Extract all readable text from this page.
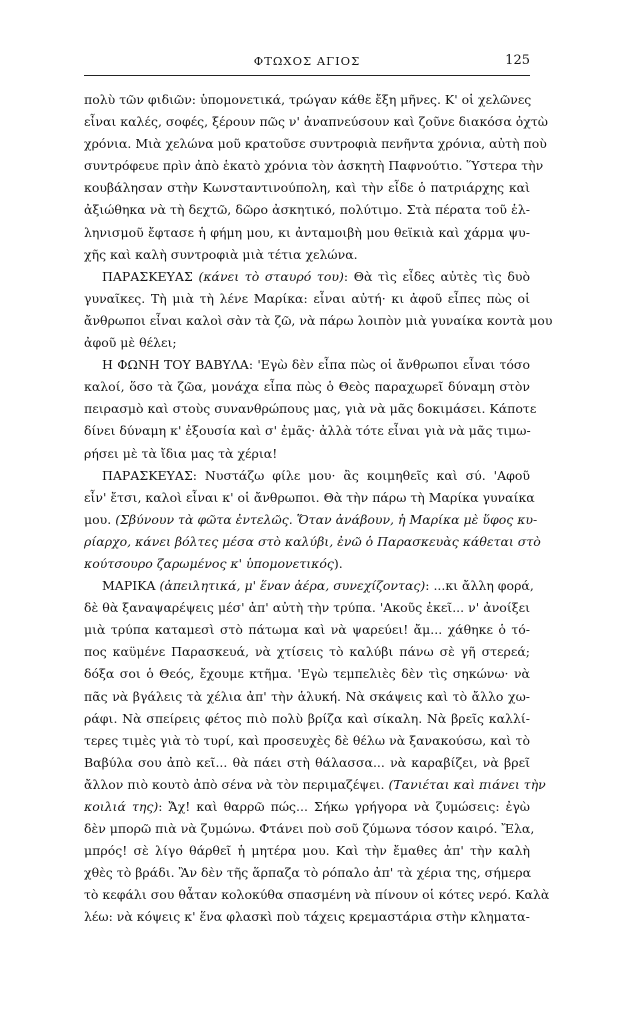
ΦΤΩΧΟΣ ΑΓΙΟΣ	125
πολὺ τῶν φιδιῶν: ὑπομονετικά, τρώγαν κάθε ἔξη μῆνες. Κ' οἱ χελῶνες
εἶναι καλές, σοφές, ξέρουν πῶς ν' ἀναπνεύσουν καὶ ζοῦνε διακόσα ὀχτὼ
χρόνια. Μιὰ χελώνα μοῦ κρατοῦσε συντροφιὰ πενῆντα χρόνια, αὐτὴ ποὺ
συντρόφευε πρὶν ἀπὸ ἑκατὸ χρόνια τὸν ἀσκητὴ Παφνούτιο. Ὕστερα τὴν
κουβάλησαν στὴν Κωνσταντινούπολη, καὶ τὴν εἶδε ὁ πατριάρχης καὶ
ἀξιώθηκα νὰ τὴ δεχτῶ, δῶρο ἀσκητικό, πολύτιμο. Στὰ πέρατα τοῦ ἑλ-
ληνισμοῦ ἔφτασε ἡ φήμη μου, κι ἀνταμοιβὴ μου θεϊκιὰ καὶ χάρμα ψυ-
χῆς καὶ καλὴ συντροφιὰ μιὰ τέτια χελώνα.
ΠΑΡΑΣΚΕΥΑΣ (κάνει τὸ σταυρό του): Θὰ τὶς εἶδες αὐτὲς τὶς δυὸ
γυναῖκες. Τὴ μιὰ τὴ λένε Μαρίκα: εἶναι αὐτή· κι ἀφοῦ εἶπες πὼς οἱ
ἄνθρωποι εἶναι καλοὶ σὰν τὰ ζῶ, νὰ πάρω λοιπὸν μιὰ γυναίκα κοντὰ μου
ἀφοῦ μὲ θέλει;
Η ΦΩΝΗ ΤΟΥ ΒΑΒΥΛΑ: 'Εγὼ δὲν εἶπα πὼς οἱ ἄνθρωποι εἶναι τόσο
καλοί, ὅσο τὰ ζῶα, μονάχα εἶπα πὼς ὁ Θεὸς παραχωρεῖ δύναμη στὸν
πειρασμὸ καὶ στοὺς συνανθρώπους μας, γιὰ νὰ μᾶς δοκιμάσει. Κάποτε
δίνει δύναμη κ' ἐξουσία καὶ σ' ἐμᾶς· ἀλλὰ τότε εἶναι γιὰ νὰ μᾶς τιμω-
ρήσει μὲ τὰ ἴδια μας τὰ χέρια!
ΠΑΡΑΣΚΕΥΑΣ: Νυστάζω φίλε μου· ἂς κοιμηθεῖς καὶ σύ. 'Αφοῦ
εἶν' ἔτσι, καλοὶ εἶναι κ' οἱ ἄνθρωποι. Θὰ τὴν πάρω τὴ Μαρίκα γυναίκα
μου. (Σβύνουν τὰ φῶτα ἐντελῶς. Ὅταν ἀνάβουν, ἡ Μαρίκα μὲ ὕφος κυ-
ρίαρχο, κάνει βόλτες μέσα στὸ καλύβι, ἐνῶ ὁ Παρασκευὰς κάθεται στὸ
κούτσουρο ζαρωμένος κ' ὑπομονετικός).
ΜΑΡΙΚΑ (ἀπειλητικά, μ' ἕναν ἀέρα, συνεχίζοντας): ...κι ἄλλη φορά,
δὲ θὰ ξαναψαρέψεις μέσ' ἀπ' αὐτὴ τὴν τρύπα. 'Ακοῦς ἐκεῖ... ν' ἀνοίξει
μιὰ τρύπα καταμεσὶ στὸ πάτωμα καὶ νὰ ψαρεύει! ἄμ... χάθηκε ὁ τό-
πος καϋμένε Παρασκευά, νὰ χτίσεις τὸ καλύβι πάνω σὲ γῆ στερεά;
δόξα σοι ὁ Θεός, ἔχουμε κτῆμα. 'Εγὼ τεμπελιὲς δὲν τὶς σηκώνω· νὰ
πᾶς νὰ βγάλεις τὰ χέλια ἀπ' τὴν ἁλυκή. Νὰ σκάψεις καὶ τὸ ἄλλο χω-
ράφι. Νὰ σπείρεις φέτος πιὸ πολὺ βρίζα καὶ σίκαλη. Νὰ βρεῖς καλλί-
τερες τιμὲς γιὰ τὸ τυρί, καὶ προσευχὲς δὲ θέλω νὰ ξανακούσω, καὶ τὸ
Βαβύλα σου ἀπὸ κεῖ... θὰ πάει στὴ θάλασσα... νὰ καραβίζει, νὰ βρεῖ
ἄλλον πιὸ κουτὸ ἀπὸ σένα νὰ τὸν περιμαζέψει. (Τανιέται καὶ πιάνει τὴν
κοιλιά της): Ἄχ! καὶ θαρρῶ πώς... Σήκω γρήγορα νὰ ζυμώσεις: ἐγὼ
δὲν μπορῶ πιὰ νὰ ζυμώνω. Φτάνει ποὺ σοῦ ζύμωνα τόσον καιρό. Ἔλα,
μπρός! σὲ λίγο θάρθεῖ ἡ μητέρα μου. Καὶ τὴν ἔμαθες ἀπ' τὴν καλὴ
χθὲς τὸ βράδι. Ἂν δὲν τῆς ἅρπαζα τὸ ρόπαλο ἀπ' τὰ χέρια της, σήμερα
τὸ κεφάλι σου θἆταν κολοκύθα σπασμένη νὰ πίνουν οἱ κότες νερό. Καλὰ
λέω: νὰ κόψεις κ' ἕνα φλασκὶ ποὺ τάχεις κρεμαστάρια στὴν κληματα-
